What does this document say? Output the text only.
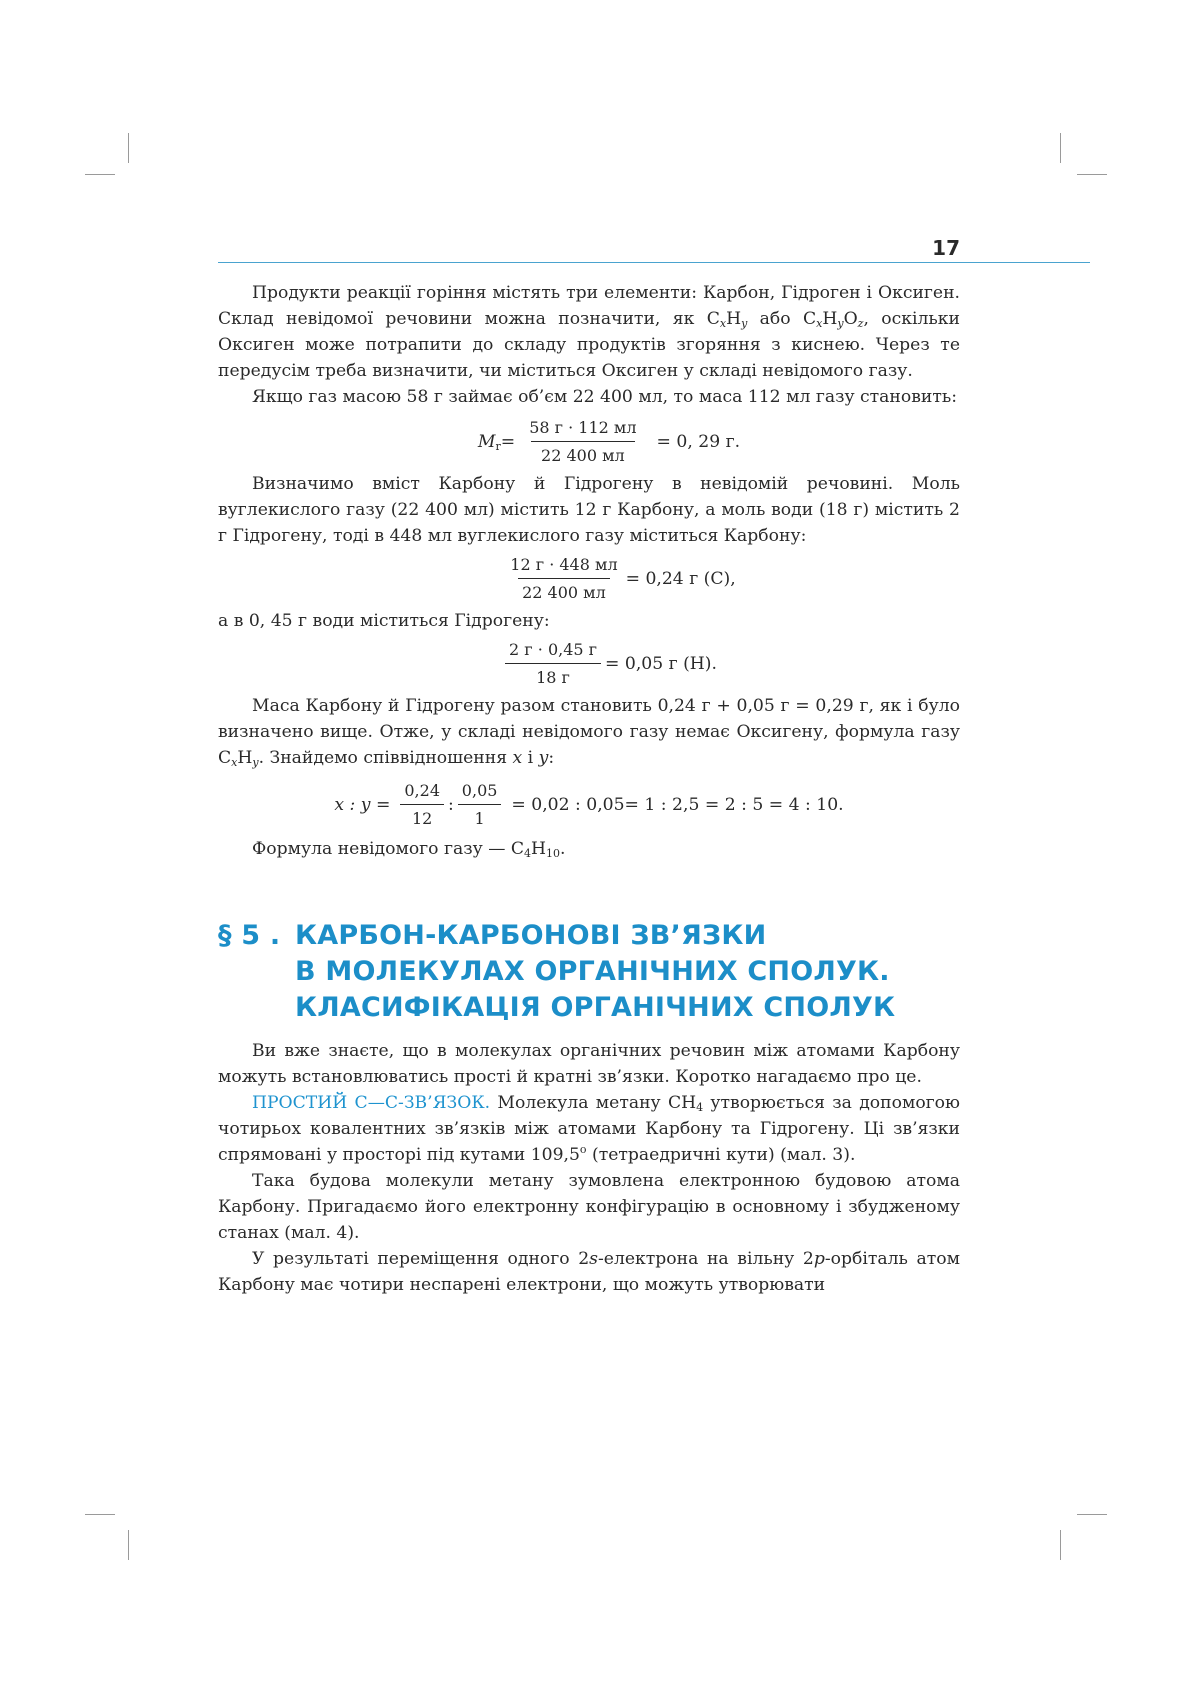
17

Продукти реакції горіння містять три елементи: Карбон, Гідроген і Оксиген. Склад невідомої речовини можна позначити, як $C_xH_y$ або $C_xH_yO_z$, оскільки Оксиген може потрапити до складу продуктів згоряння з киснею. Через те передусім треба визначити, чи міститься Оксиген у складі невідомого газу.

Якщо газ масою 58 г займає об’єм 22 400 мл, то маса 112 мл газу становить:

$M_r= \frac{58 г \cdot 112 мл}{22 400 мл} = 0$, 29 г.

Визначимо вміст Карбону й Гідрогену в невідомій речовині. Моль вуглекислого газу (22 400 мл) містить 12 г Карбону, а моль води (18 г) містить 2 г Гідрогену, тоді в 448 мл вуглекислого газу міститься Карбону:

$\frac{12 г \cdot 448 мл}{22 400 мл} = 0,24$ г (C),

а в 0, 45 г води міститься Гідрогену:

$\frac{2 г \cdot 0,45 г}{18 г} = 0,05$ г (H).

Маса Карбону й Гідрогену разом становить 0,24 г + 0,05 г = 0,29 г, як і було визначено вище. Отже, у складі невідомого газу немає Оксигену, формула газу $C_xH_y$. Знайдемо співвідношення x і y:

x : $y = \frac{0,24}{12}$ : $\frac{0,05}{1} = 0,02$ : 0,05= 1 : 2,5 = 2 : 5 = 4 : 10.

Формула невідомого газу — $C_4H_{10}$.

§ 5 . КАРБОН-КАРБОНОВІ ЗВ’ЯЗКИ
В МОЛЕКУЛАХ ОРГАНІЧНИХ СПОЛУК.
КЛАСИФІКАЦІЯ ОРГАНІЧНИХ СПОЛУК

Ви вже знаєте, що в молекулах органічних речовин між атомами Карбону можуть встановлюватись прості й кратні зв’язки. Коротко нагадаємо про це.

ПРОСТИЙ С—С-ЗВ’ЯЗОК. Молекула метану $CH_4$ утворюється за допомогою чотирьох ковалентних зв’язків між атомами Карбону та Гідрогену. Ці зв’язки спрямовані у просторі під кутами 109,5$^o$ (тетраедричні кути) (мал. 3).

Така будова молекули метану зумовлена електронною будовою атома Карбону. Пригадаємо його електронну конфігурацію в основному і збудженому станах (мал. 4).

У результаті переміщення одного 2s-електрона на вільну 2p-орбіталь атом Карбону має чотири неспарені електрони, що можуть утворювати
